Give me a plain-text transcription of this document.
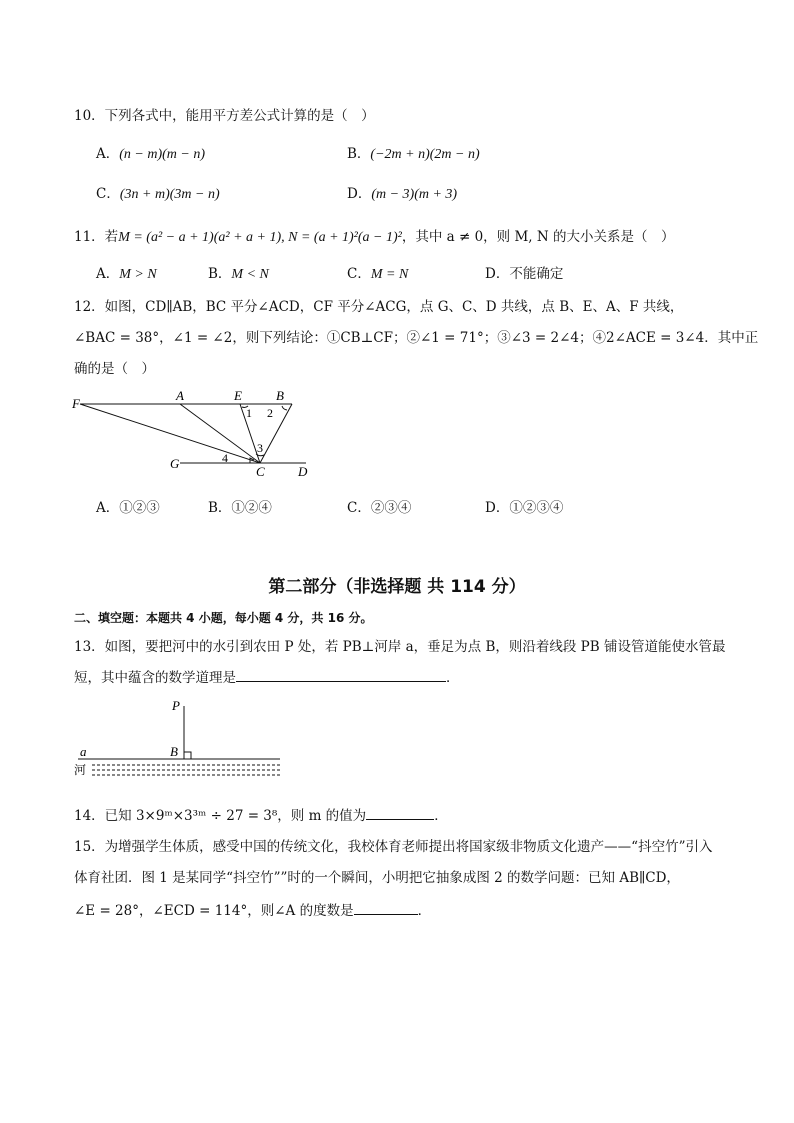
10．下列各式中，能用平方差公式计算的是（　）
A．(n − m)(m − n)	B．(−2m + n)(2m − n)
C．(3n + m)(3m − n)	D．(m − 3)(m + 3)
11．若M = (a² − a + 1)(a² + a + 1), N = (a + 1)²(a − 1)²，其中 a ≠ 0，则 M, N 的大小关系是（　）
A．M > N	B．M < N	C．M = N	D．不能确定
12．如图，CD∥AB，BC 平分∠ACD，CF 平分∠ACG，点 G、C、D 共线，点 B、E、A、F 共线，
∠BAC = 38°，∠1 = ∠2，则下列结论：①CB⊥CF；②∠1 = 71°；③∠3 = 2∠4；④2∠ACE = 3∠4．其中正
确的是（　）
F
A	E	B
G
C	D
1 2
3
4
A．①②③	B．①②④	C．②③④	D．①②③④
第二部分（非选择题 共 114 分）
二、填空题：本题共 4 小题，每小题 4 分，共 16 分。
13．如图，要把河中的水引到农田 P 处，若 PB⊥河岸 a，垂足为点 B，则沿着线段 PB 铺设管道能使水管最
短，其中蕴含的数学道理是	．
P
B
a
河
14．已知 3×9ᵐ×3³ᵐ ÷ 27 = 3⁸，则 m 的值为	．
15．为增强学生体质，感受中国的传统文化，我校体育老师提出将国家级非物质文化遗产——“抖空竹”引入
体育社团．图 1 是某同学“抖空竹””时的一个瞬间，小明把它抽象成图 2 的数学问题：已知 AB∥CD，
∠E = 28°，∠ECD = 114°，则∠A 的度数是	．
